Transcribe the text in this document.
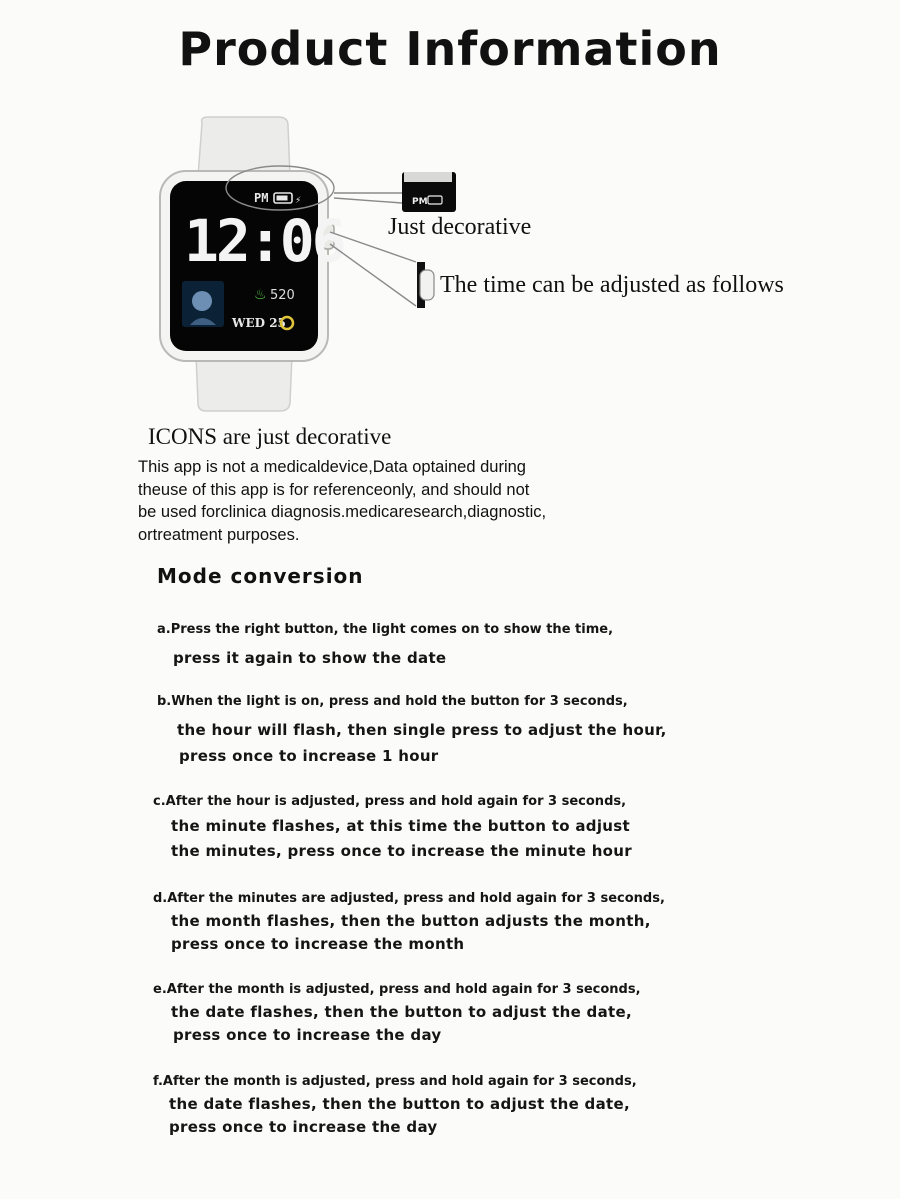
Product Information
PM	⚡
12:06
♨ 520
WED 25
PM
Just decorative
The time can be adjusted as follows
ICONS are just decorative
This app is not a medicaldevice,Data optained during
theuse of this app is for referenceonly, and should not
be used forclinica diagnosis.medicaresearch,diagnostic,
ortreatment purposes.
Mode conversion
a.Press the right button, the light comes on to show the time,
press it again to show the date
b.When the light is on, press and hold the button for 3 seconds,
the hour will flash, then single press to adjust the hour,
press once to increase 1 hour
c.After the hour is adjusted, press and hold again for 3 seconds,
the minute flashes, at this time the button to adjust
the minutes, press once to increase the minute hour
d.After the minutes are adjusted, press and hold again for 3 seconds,
the month flashes, then the button adjusts the month,
press once to increase the month
e.After the month is adjusted, press and hold again for 3 seconds,
the date flashes, then the button to adjust the date,
press once to increase the day
f.After the month is adjusted, press and hold again for 3 seconds,
the date flashes, then the button to adjust the date,
press once to increase the day
